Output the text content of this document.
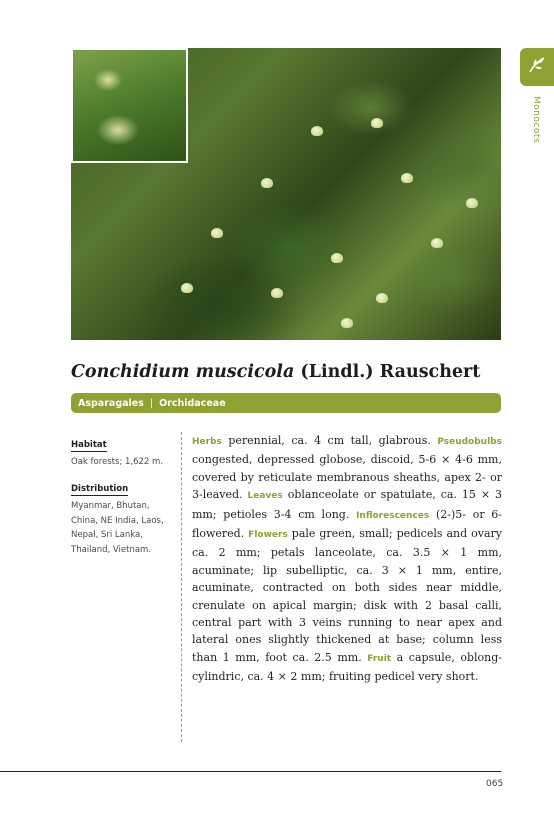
Monocots
Conchidium muscicola (Lindl.) Rauschert
Asparagales | Orchidaceae
Habitat

Oak forests; 1,622 m.

Distribution

Myanmar, Bhutan, China, NE India, Laos, Nepal, Sri Lanka, Thailand, Vietnam.

Herbs perennial, ca. 4 cm tall, glabrous. Pseudobulbs congested, depressed globose, discoid, 5-6 × 4-6 mm, covered by reticulate membranous sheaths, apex 2- or 3-leaved. Leaves oblanceolate or spatulate, ca. 15 × 3 mm; petioles 3-4 cm long. Inflorescences (2-)5- or 6-flowered. Flowers pale green, small; pedicels and ovary ca. 2 mm; petals lanceolate, ca. 3.5 × 1 mm, acuminate; lip subelliptic, ca. 3 × 1 mm, entire, acuminate, contracted on both sides near middle, crenulate on apical margin; disk with 2 basal calli, central part with 3 veins running to near apex and lateral ones slightly thickened at base; column less than 1 mm, foot ca. 2.5 mm. Fruit a capsule, oblong-cylindric, ca. 4 × 2 mm; fruiting pedicel very short.
065
